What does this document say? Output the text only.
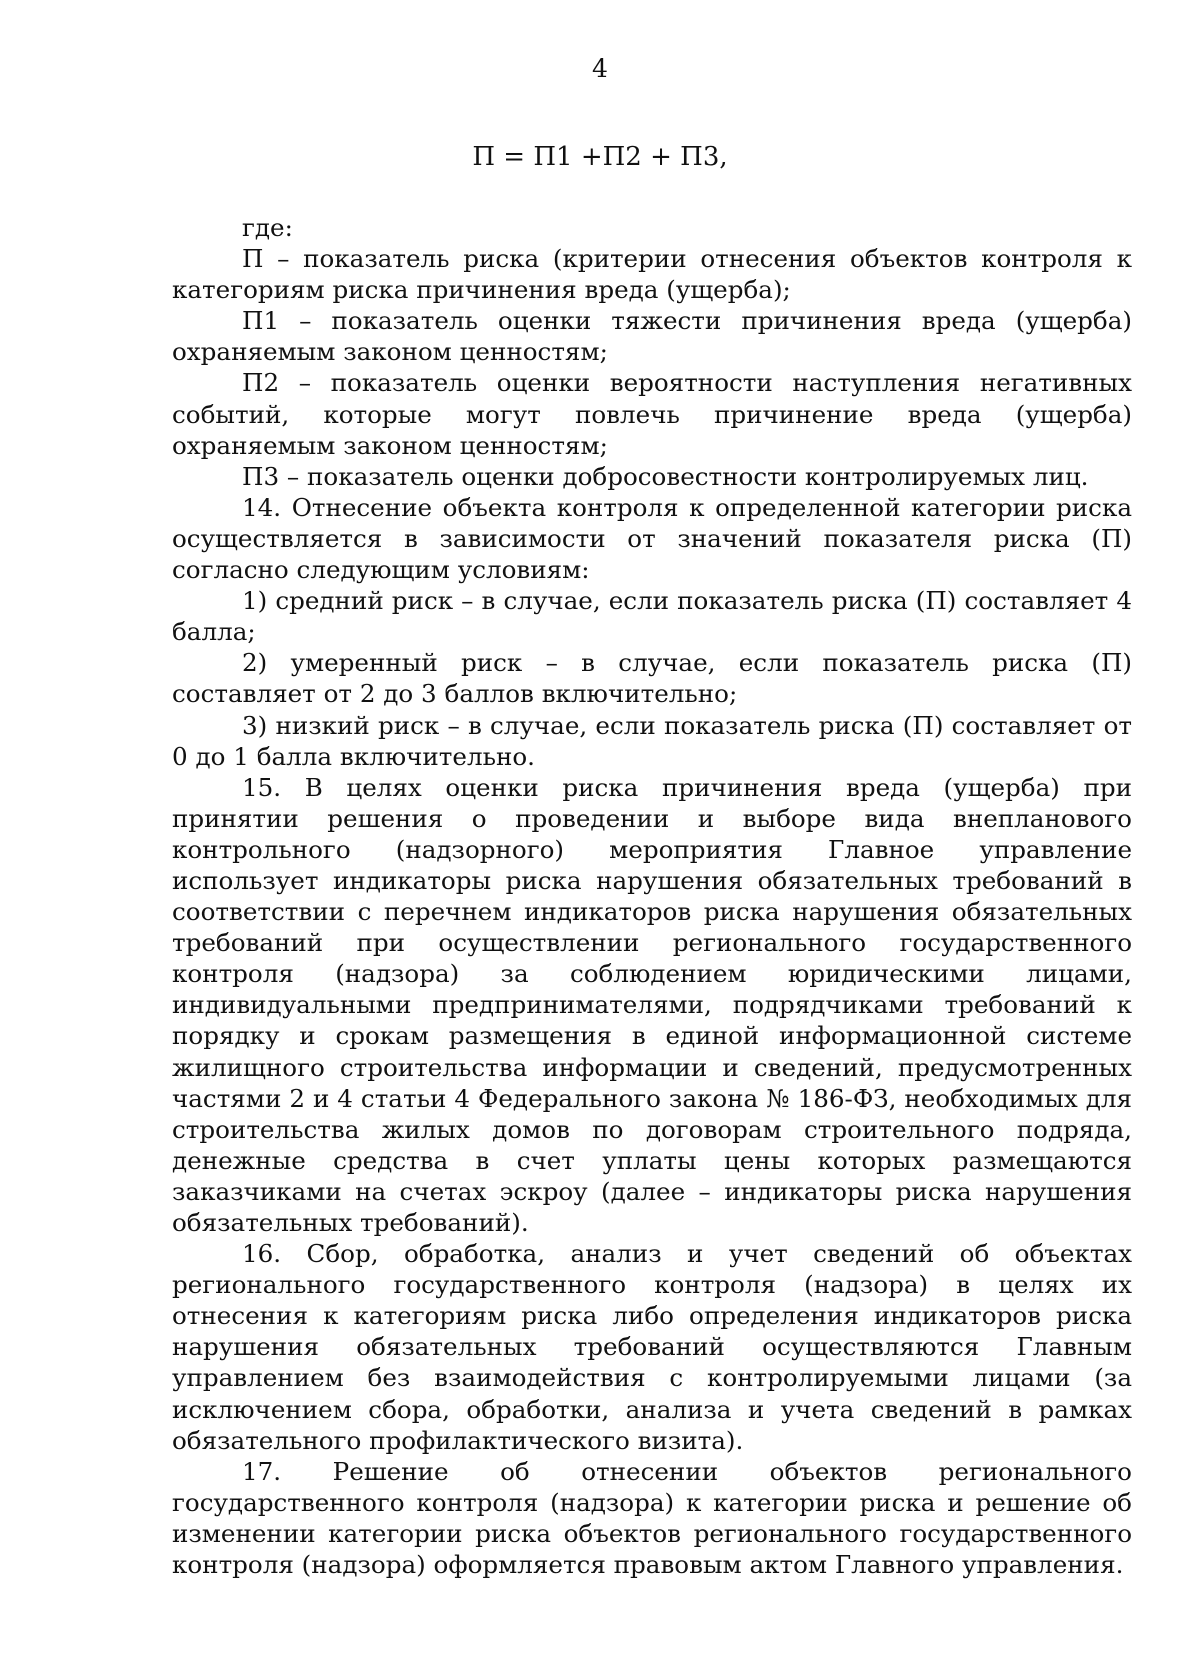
4
П = П1 +П2 + П3,

где:

П – показатель риска (критерии отнесения объектов контроля к категориям риска причинения вреда (ущерба);

П1 – показатель оценки тяжести причинения вреда (ущерба) охраняемым законом ценностям;

П2 – показатель оценки вероятности наступления негативных событий, которые могут повлечь причинение вреда (ущерба) охраняемым законом ценностям;

П3 – показатель оценки добросовестности контролируемых лиц.

14. Отнесение объекта контроля к определенной категории риска осуществляется в зависимости от значений показателя риска (П) согласно следующим условиям:

1) средний риск – в случае, если показатель риска (П) составляет 4 балла;

2) умеренный риск – в случае, если показатель риска (П) составляет от 2 до 3 баллов включительно;

3) низкий риск – в случае, если показатель риска (П) составляет от 0 до 1 балла включительно.

15. В целях оценки риска причинения вреда (ущерба) при принятии решения о проведении и выборе вида внепланового контрольного (надзорного) мероприятия Главное управление использует индикаторы риска нарушения обязательных требований в соответствии с перечнем индикаторов риска нарушения обязательных требований при осуществлении регионального государственного контроля (надзора) за соблюдением юридическими лицами, индивидуальными предпринимателями, подрядчиками требований к порядку и срокам размещения в единой информационной системе жилищного строительства информации и сведений, предусмотренных частями 2 и 4 статьи 4 Федерального закона № 186-ФЗ, необходимых для строительства жилых домов по договорам строительного подряда, денежные средства в счет уплаты цены которых размещаются заказчиками на счетах эскроу (далее – индикаторы риска нарушения обязательных требований).

16. Сбор, обработка, анализ и учет сведений об объектах регионального государственного контроля (надзора) в целях их отнесения к категориям риска либо определения индикаторов риска нарушения обязательных требований осуществляются Главным управлением без взаимодействия с контролируемыми лицами (за исключением сбора, обработки, анализа и учета сведений в рамках обязательного профилактического визита).

17. Решение об отнесении объектов регионального государственного контроля (надзора) к категории риска и решение об изменении категории риска объектов регионального государственного контроля (надзора) оформляется правовым актом Главного управления.
